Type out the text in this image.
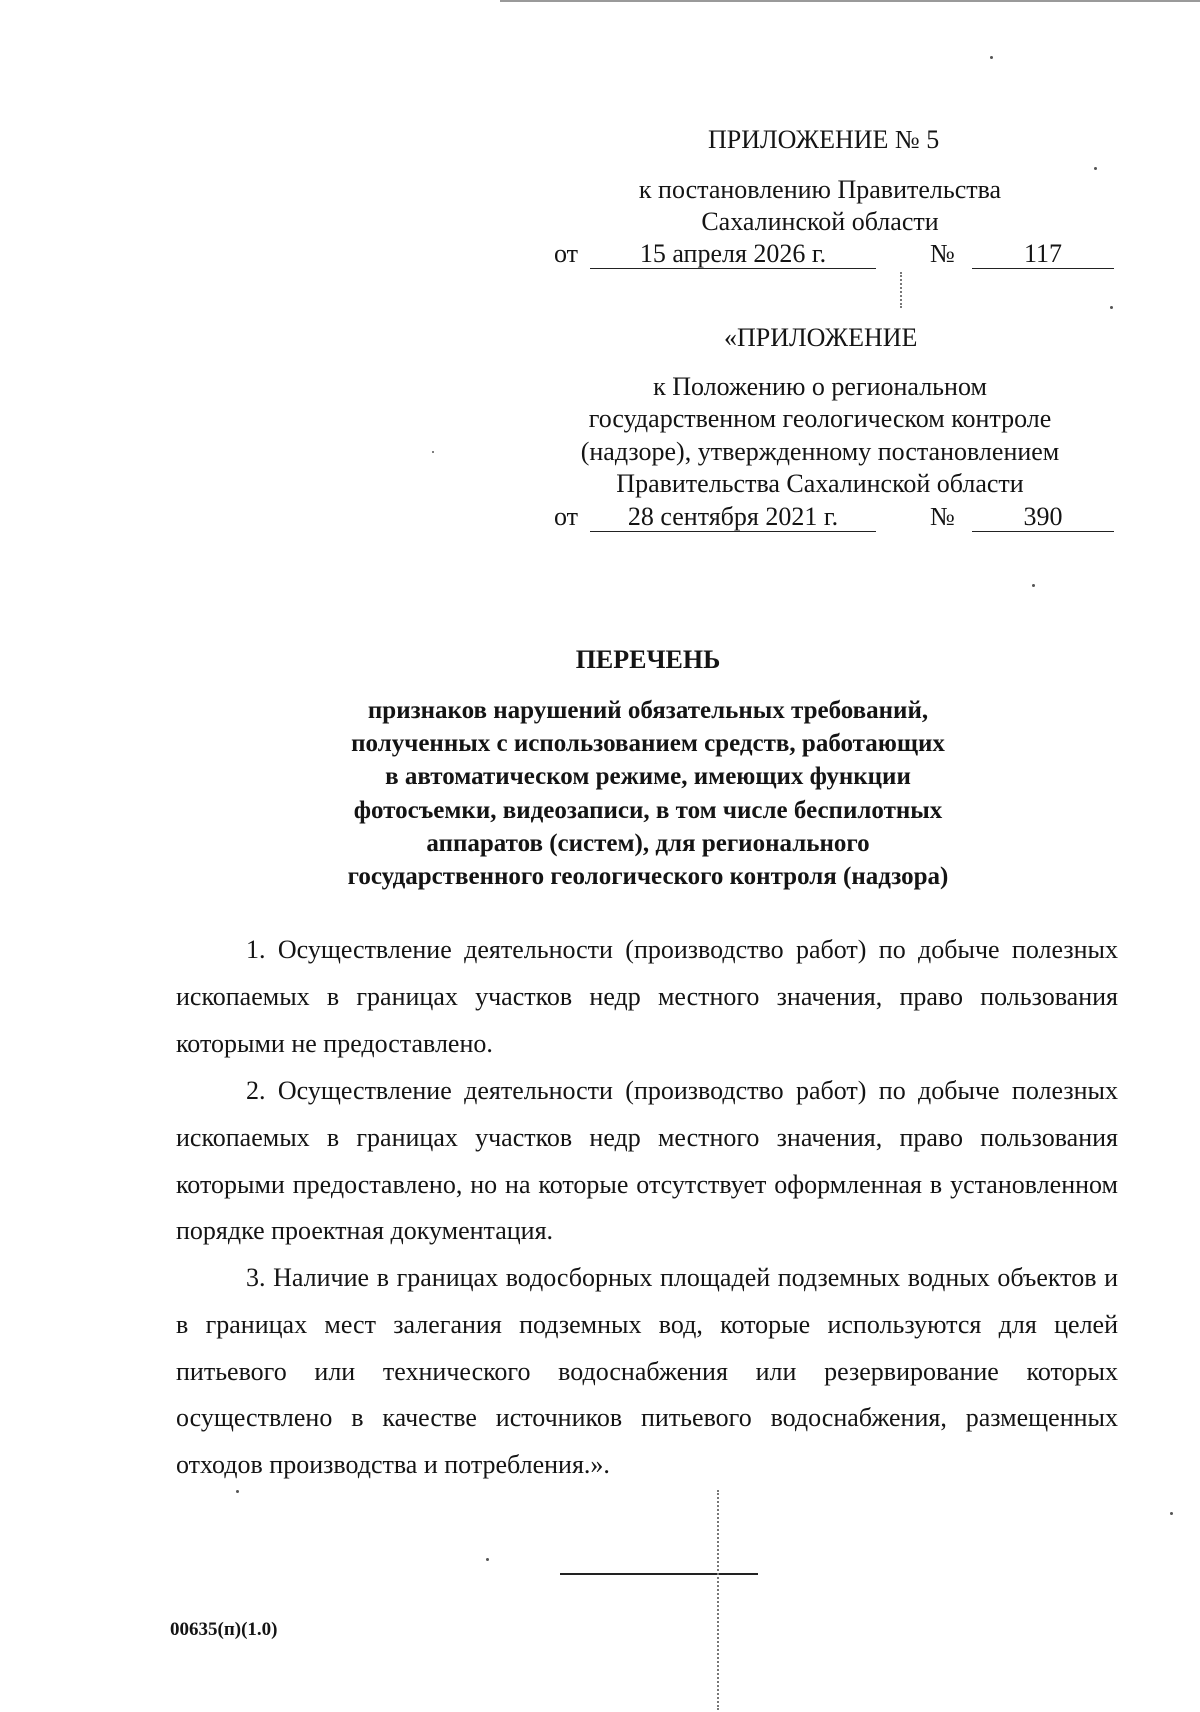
ПРИЛОЖЕНИЕ № 5
к постановлению Правительства
Сахалинской области
от	15 апреля 2026 г.	№	117
«ПРИЛОЖЕНИЕ
к Положению о региональном
государственном геологическом контроле
(надзоре), утвержденному постановлением
Правительства Сахалинской области
от	28 сентября 2021 г.	№	390
ПЕРЕЧЕНЬ
признаков нарушений обязательных требований,
полученных с использованием средств, работающих
в автоматическом режиме, имеющих функции
фотосъемки, видеозаписи, в том числе беспилотных
аппаратов (систем), для регионального
государственного геологического контроля (надзора)

1. Осуществление деятельности (производство работ) по добыче полезных ископаемых в границах участков недр местного значения, право пользования которыми не предоставлено.

2. Осуществление деятельности (производство работ) по добыче полезных ископаемых в границах участков недр местного значения, право пользования которыми предоставлено, но на которые отсутствует оформленная в установленном порядке проектная документация.

3. Наличие в границах водосборных площадей подземных водных объектов и в границах мест залегания подземных вод, которые используются для целей питьевого или технического водоснабжения или резервирование которых осуществлено в качестве источников питьевого водоснабжения, размещенных отходов производства и потребления.».

00635(п)(1.0)
